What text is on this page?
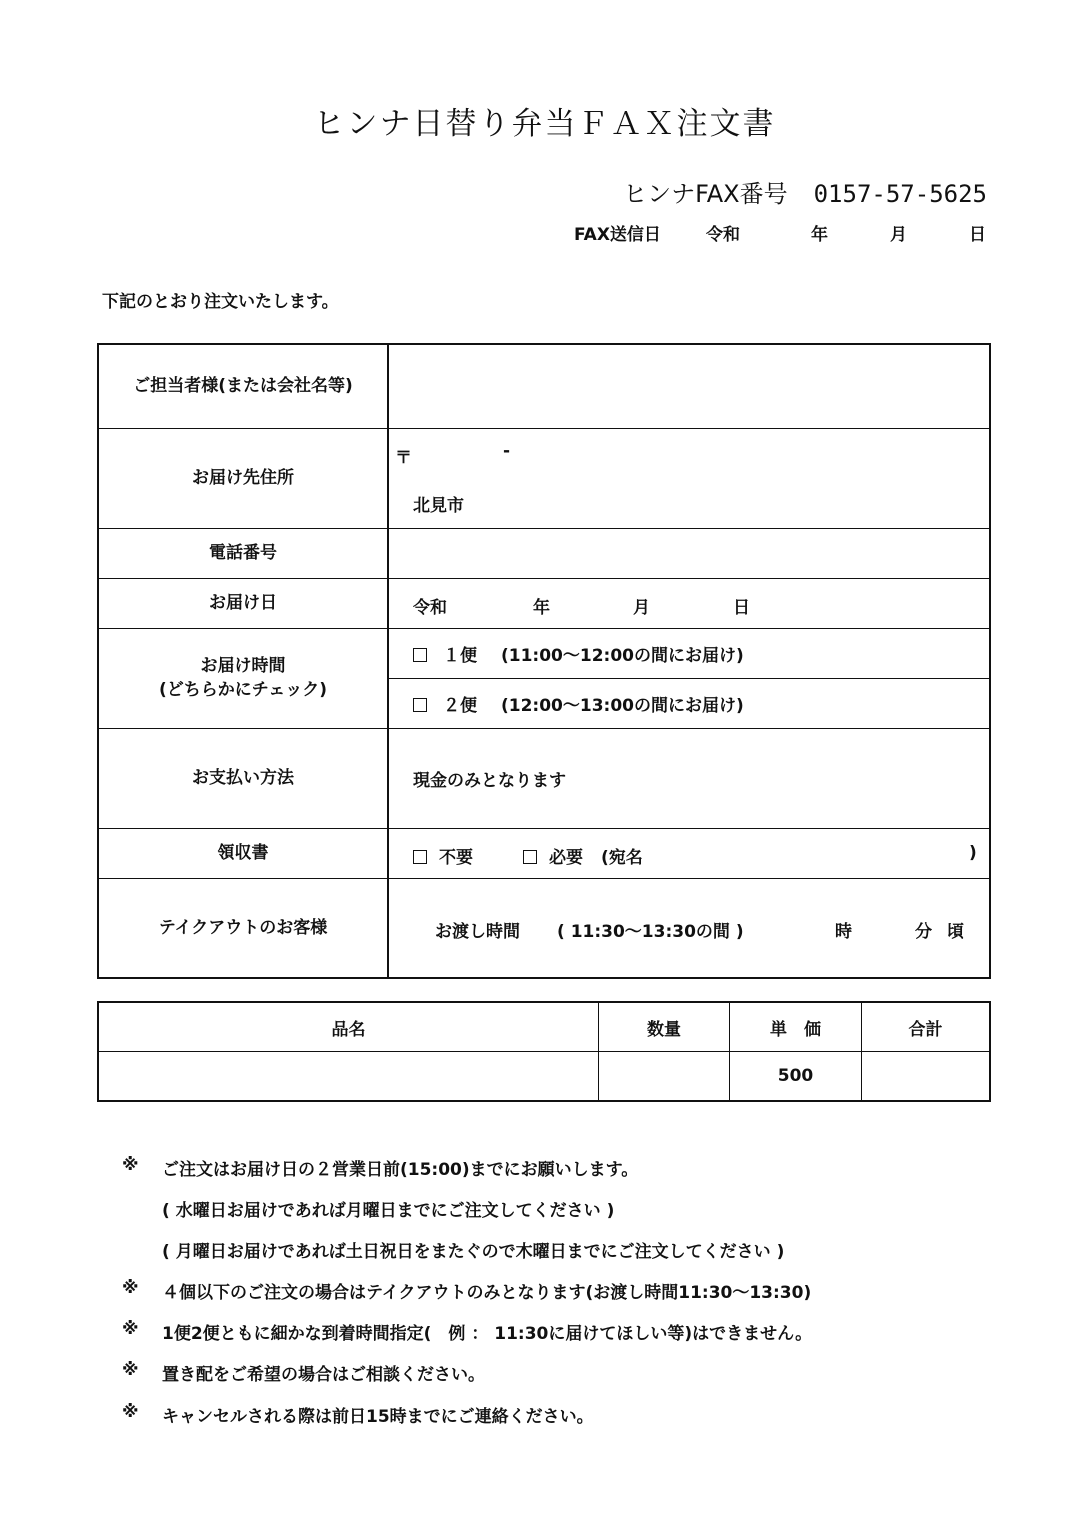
ヒンナ日替り弁当ＦＡＸ注文書
ヒンナFAX番号 0157-57-5625
FAX送信日	令和	年	月	日
下記のとおり注文いたします。
ご担当者様(または会社名等)	
お届け先住所	〒 -
北見市

電話番号	
お届け日	令和 年 月 日

お届け時間
(どちらかにチェック)	１便 (11:00～12:00の間にお届け)
	２便 (12:00～13:00の間にお届け)
お支払い方法	現金のみとなります
領収書	不要 必要 (宛名 )

テイクアウトのお客様	お渡し時間 ( 11:30～13:30の間 ) 時 分 頃
品名	数量	単　価	合計
		500	
※ ご注文はお届け日の２営業日前(15:00)までにお願いします。
( 水曜日お届けであれば月曜日までにご注文してください )
( 月曜日お届けであれば土日祝日をまたぐので木曜日までにご注文してください )
※ ４個以下のご注文の場合はテイクアウトのみとなります(お渡し時間11:30～13:30)
※ 1便2便ともに細かな到着時間指定(　例 ： 11:30に届けてほしい等)はできません。
※ 置き配をご希望の場合はご相談ください。
※ キャンセルされる際は前日15時までにご連絡ください。
